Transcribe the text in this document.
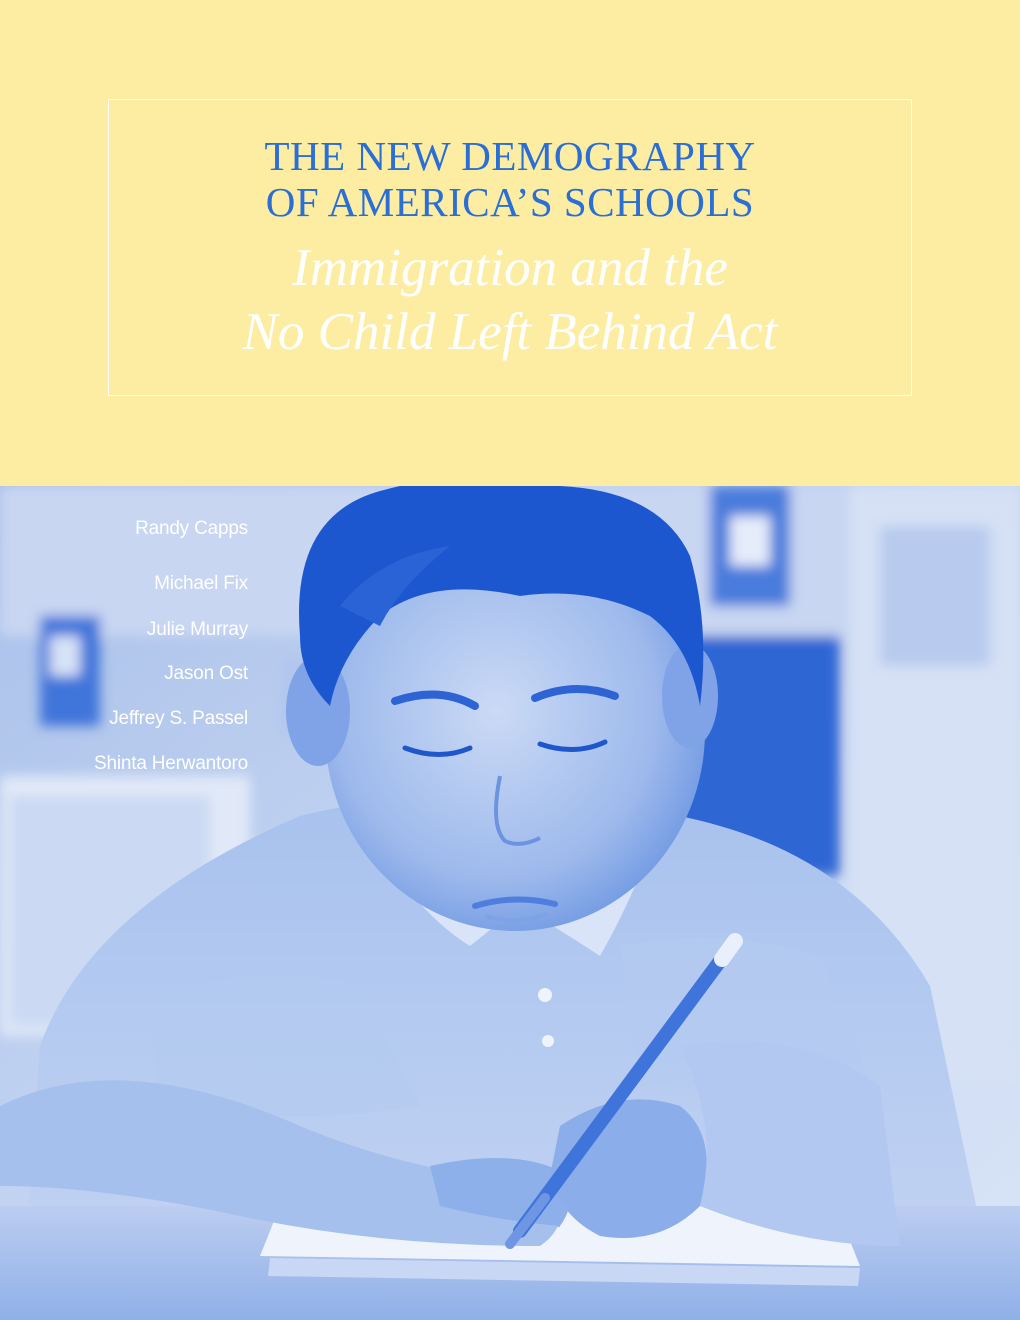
THE NEW DEMOGRAPHY
OF AMERICA’S SCHOOLS
Immigration and the
No Child Left Behind Act
Randy Capps
Michael Fix
Julie Murray
Jason Ost
Jeffrey S. Passel
Shinta Herwantoro
